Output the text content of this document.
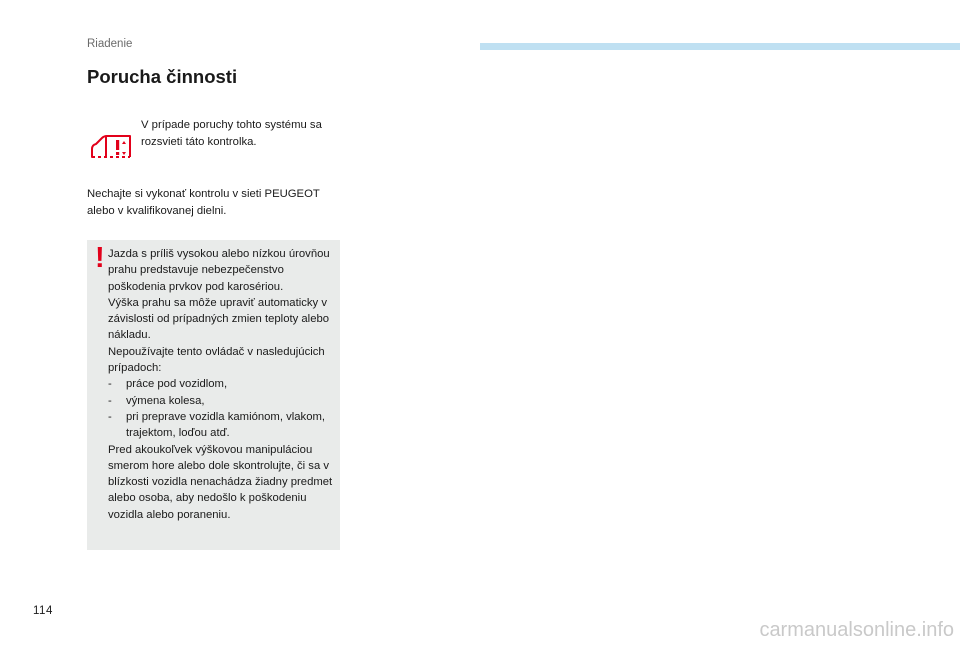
Riadenie
Porucha činnosti
V prípade poruchy tohto systému sa rozsvieti táto kontrolka.
Nechajte si vykonať kontrolu v sieti PEUGEOT alebo v kvalifikovanej dielni.
! Jazda s príliš vysokou alebo nízkou úrovňou prahu predstavuje nebezpečenstvo poškodenia prvkov pod karosériou.

Výška prahu sa môže upraviť automaticky v závislosti od prípadných zmien teploty alebo nákladu.

Nepoužívajte tento ovládač v nasledujúcich prípadoch:

- práce pod vozidlom,
- výmena kolesa,
- pri preprave vozidla kamiónom, vlakom, trajektom, loďou atď.

Pred akoukoľvek výškovou manipuláciou smerom hore alebo dole skontrolujte, či sa v blízkosti vozidla nenachádza žiadny predmet alebo osoba, aby nedošlo k poškodeniu vozidla alebo poraneniu.

114
carmanualsonline.info
